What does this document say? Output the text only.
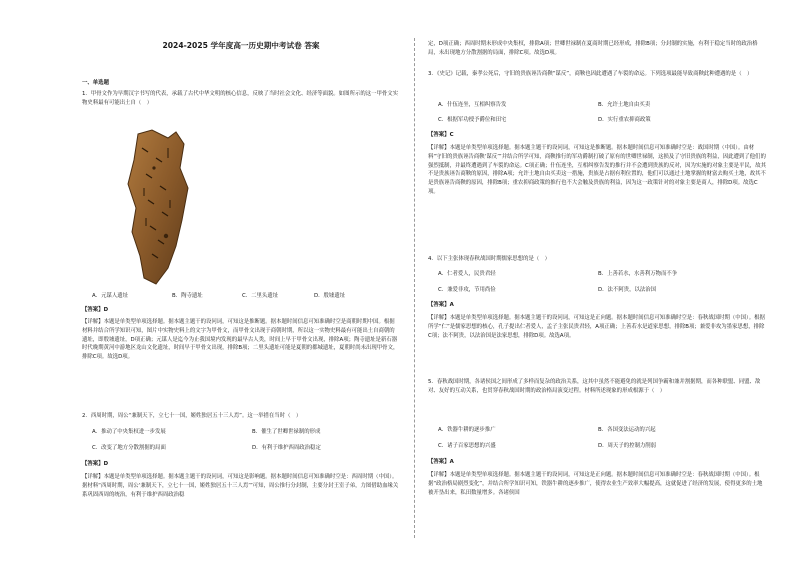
2024-2025 学年度高一历史期中考试卷 答案

一、单选题

1．甲骨文作为早期汉字书写的代表，承载了古代中华文明的核心信息，反映了当时社会文化、经济等面貌。如图所示的这一甲骨文实物史料最有可能出土自（　）

A．元谋人遗址	B．陶寺遗址	C．二里头遗址	D．殷墟遗址

【答案】D

【详解】本题是单类型单项选择题。据本题主题干的设问词，可知这是推断题。据本题时间信息可知准确时空是商朝时期中国。根据材料并结合所学知识可知，图片中实物史料上的文字为甲骨文，而甲骨文出现于商朝时期，所以这一实物史料最有可能出土自商朝的遗址，即殷墟遗址，D项正确；元谋人是迄今为止我国境内发现的最早古人类，时间上早于甲骨文出现，排除A项；陶寺遗址是新石器时代晚期黄河中游地区龙山文化遗址，时间早于甲骨文出现，排除B项；二里头遗址可能是夏朝的都城遗址，夏朝时尚未出现甲骨文，排除C项。故选D项。

2．西周时期，周公“兼制天下，立七十一国，姬姓独居五十三人焉”。这一举措在当时（　）

A．推动了中央集权进一步发展	B．催生了世卿世禄制的形成
C．改变了地方分散割据的局面	D．有利于维护西周政治稳定

【答案】D

【详解】本题是单类型单项选择题。据本题主题干的设问词，可知这是影响题。据本题时间信息可知准确时空是：西周时期（中国）。据材料“西周时期，周公‘兼制天下，立七十一国，姬姓独居五十三人焉’”可知，周公推行分封制，主要分封王室子弟，力图借助血缘关系巩固西周的统治，有利于维护西周政治稳

定，D项正确；西周时期未形成中央集权，排除A项；世卿世禄制在夏商时期已经形成，排除B项；分封制的实施，有利于稳定当时的政治格局，未出现地方分散割据的局面，排除C项。故选D项。

3．《史记》记载，秦孝公死后，守旧的贵族诬告商鞅“谋反”，商鞅也因此遭遇了车裂的命运。下列选项最能导致商鞅此种遭遇的是（　）

A．什伍连坐，互相纠察告发	B．允许土地自由买卖
C．根据军功授予爵位和田宅	D．实行重农抑商政策

【答案】C

【详解】本题是单类型单项选择题。据本题主题干的设问词，可知这是推断题。据本题时间信息可知准确时空是：战国时期（中国）。由材料“守旧的贵族诬告商鞅‘谋反’”并结合所学可知，商鞅推行的军功爵制打破了原有的世卿世禄制，这损及了守旧贵族的利益，因此遭到了他们的强烈抵制，并最终遭遇到了车裂的命运。C项正确；什伍连坐，互相纠察告发的推行并不会遭到贵族的反对，因为实施的对象主要是平民，故其不是贵族诬告商鞅的原因，排除A项；允许土地自由买卖这一措施，贵族是占据有利位置的，他们可以通过土地掌握的财富去购买土地，故其不是贵族诬告商鞅的原因，排除B项；重农抑商政策的推行也不大会触及贵族的利益，因为这一政策针对的对象主要是商人，排除D项。故选C项。

4．以下主张体现春秋战国时期儒家思想的是（　）

A．仁者爱人，民贵君轻	B．上善若水，水善利万物而不争
C．兼爱非攻，节用尚俭	D．法不阿贵，以法治国

【答案】A

【详解】本题是单类型单项选择题。据本题主题干的设问词，可知这是正向题。据本题时间信息可知准确时空是：春秋战国时期（中国）。根据所学“仁”是儒家思想的核心，孔子提出仁者爱人，孟子主张民贵君轻，A项正确；上善若水是道家思想，排除B项；兼爱非攻为墨家思想，排除C项；法不阿贵，以法治国是法家思想，排除D项。故选A项。

5．春秋战国时期，各诸侯国之间形成了多样而复杂的政治关系，这其中虽然不能避免的就是列国争霸和兼并割据期，而各种联盟、同盟、敌对、友好的互动关系，也贯穿春秋战国时期的政治格局演变过程。材料所述现象的形成根源于（　）

A．铁器牛耕的逐步推广	B．各国变法运动的兴起
C．诸子百家思想的兴盛	D．周天子的控制力削弱

【答案】A

【详解】本题是单类型单项选择题。据本题主题干的设问词，可知这是正向题。据本题时间信息可知准确时空是：春秋战国时期（中国）。根据“政治格局剧烈变化”，并结合所学知识可知，铁器牛耕的逐步推广，使得农业生产效率大幅提高，这就促进了经济的发展，使得更多的土地被开垦出来，私田数量增多。各诸侯国
